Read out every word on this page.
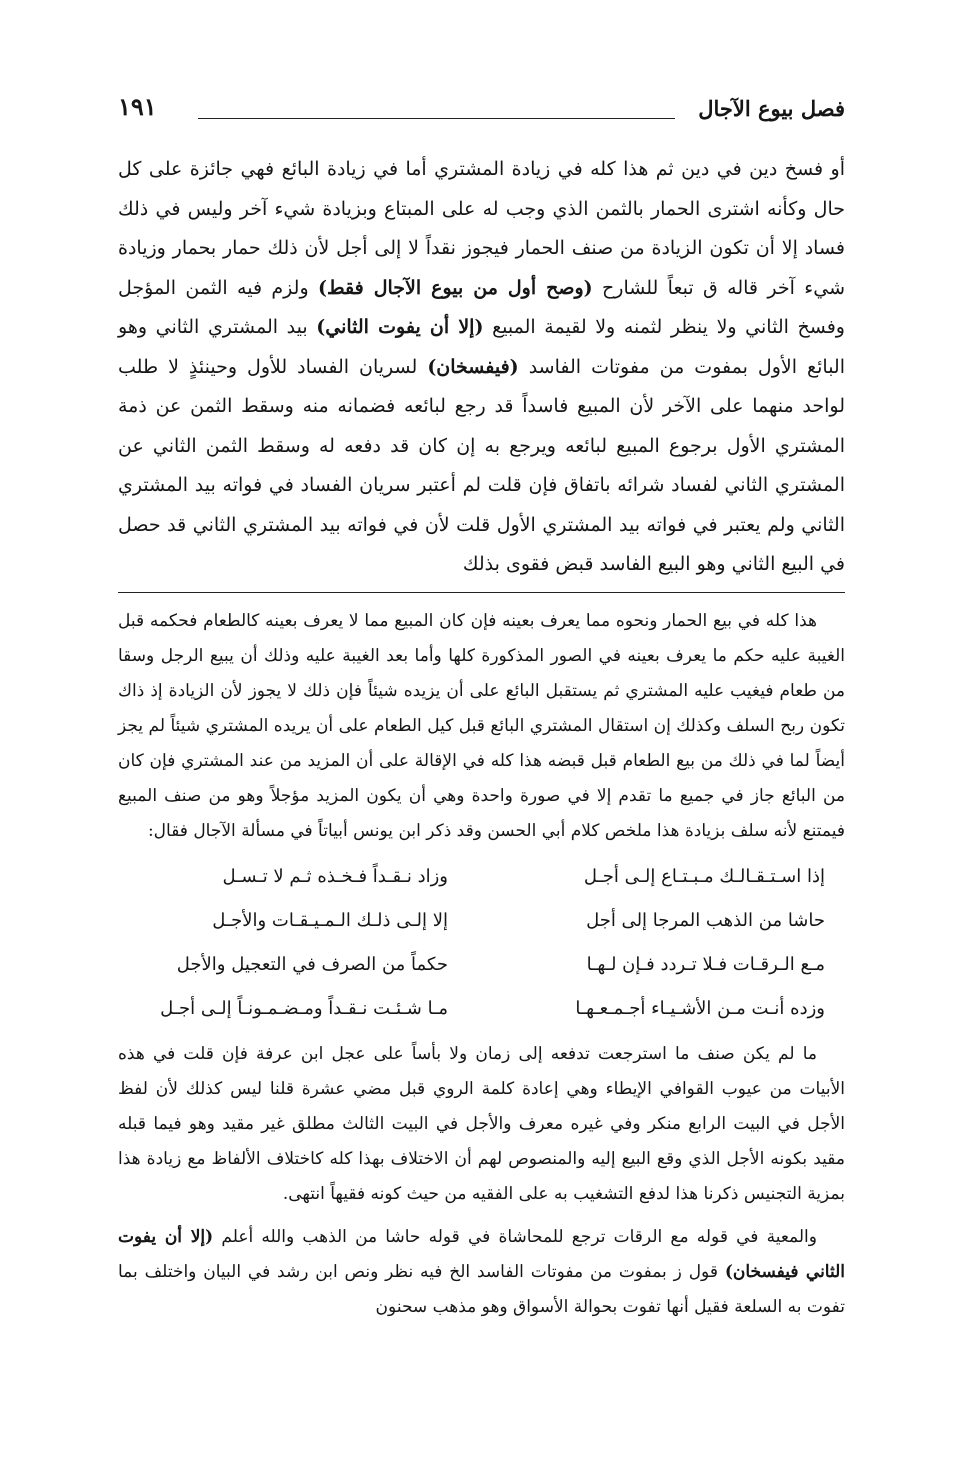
فصل بيوع الآجال
١٩١

أو فسخ دين في دين ثم هذا كله في زيادة المشتري أما في زيادة البائع فهي جائزة على كل حال وكأنه اشترى الحمار بالثمن الذي وجب له على المبتاع وبزيادة شيء آخر وليس في ذلك فساد إلا أن تكون الزيادة من صنف الحمار فيجوز نقداً لا إلى أجل لأن ذلك حمار بحمار وزيادة شيء آخر قاله ق تبعاً للشارح (وصح أول من بيوع الآجال فقط) ولزم فيه الثمن المؤجل وفسخ الثاني ولا ينظر لثمنه ولا لقيمة المبيع (إلا أن يفوت الثاني) بيد المشتري الثاني وهو البائع الأول بمفوت من مفوتات الفاسد (فيفسخان) لسريان الفساد للأول وحينئذٍ لا طلب لواحد منهما على الآخر لأن المبيع فاسداً قد رجع لبائعه فضمانه منه وسقط الثمن عن ذمة المشتري الأول برجوع المبيع لبائعه ويرجع به إن كان قد دفعه له وسقط الثمن الثاني عن المشتري الثاني لفساد شرائه باتفاق فإن قلت لم أعتبر سريان الفساد في فواته بيد المشتري الثاني ولم يعتبر في فواته بيد المشتري الأول قلت لأن في فواته بيد المشتري الثاني قد حصل في البيع الثاني وهو البيع الفاسد قبض فقوى بذلك

هذا كله في بيع الحمار ونحوه مما يعرف بعينه فإن كان المبيع مما لا يعرف بعينه كالطعام فحكمه قبل الغيبة عليه حكم ما يعرف بعينه في الصور المذكورة كلها وأما بعد الغيبة عليه وذلك أن يبيع الرجل وسقا من طعام فيغيب عليه المشتري ثم يستقبل البائع على أن يزيده شيئاً فإن ذلك لا يجوز لأن الزيادة إذ ذاك تكون ربح السلف وكذلك إن استقال المشتري البائع قبل كيل الطعام على أن يريده المشتري شيئاً لم يجز أيضاً لما في ذلك من بيع الطعام قبل قبضه هذا كله في الإقالة على أن المزيد من عند المشتري فإن كان من البائع جاز في جميع ما تقدم إلا في صورة واحدة وهي أن يكون المزيد مؤجلاً وهو من صنف المبيع فيمتنع لأنه سلف بزيادة هذا ملخص كلام أبي الحسن وقد ذكر ابن يونس أبياتاً في مسألة الآجال فقال:

إذا اسـتـقـالـك مـبـتـاع إلـى أجـل
وزاد نـقـداً فـخـذه ثـم لا تـسـل
حاشا من الذهب المرجا إلى أجل
إلا إلـى ذلـك الـمـيـقـات والأجـل
مـع الـرقـات فـلا تـردد فـإن لـهـا
حكماً من الصرف في التعجيل والأجل
وزده أنـت مـن الأشـيـاء أجـمـعـهـا
مـا شـئـت نـقـداً ومـضـمـونـاً إلـى أجـل

ما لم يكن صنف ما استرجعت تدفعه إلى زمان ولا بأساً على عجل ابن عرفة فإن قلت في هذه الأبيات من عيوب القوافي الإيطاء وهي إعادة كلمة الروي قبل مضي عشرة قلنا ليس كذلك لأن لفظ الأجل في البيت الرابع منكر وفي غيره معرف والأجل في البيت الثالث مطلق غير مقيد وهو فيما قبله مقيد بكونه الأجل الذي وقع البيع إليه والمنصوص لهم أن الاختلاف بهذا كله كاختلاف الألفاظ مع زيادة هذا بمزية التجنيس ذكرنا هذا لدفع التشغيب به على الفقيه من حيث كونه فقيهاً انتهى.

والمعية في قوله مع الرقات ترجع للمحاشاة في قوله حاشا من الذهب والله أعلم (إلا أن يفوت الثاني فيفسخان) قول ز بمفوت من مفوتات الفاسد الخ فيه نظر ونص ابن رشد في البيان واختلف بما تفوت به السلعة فقيل أنها تفوت بحوالة الأسواق وهو مذهب سحنون
